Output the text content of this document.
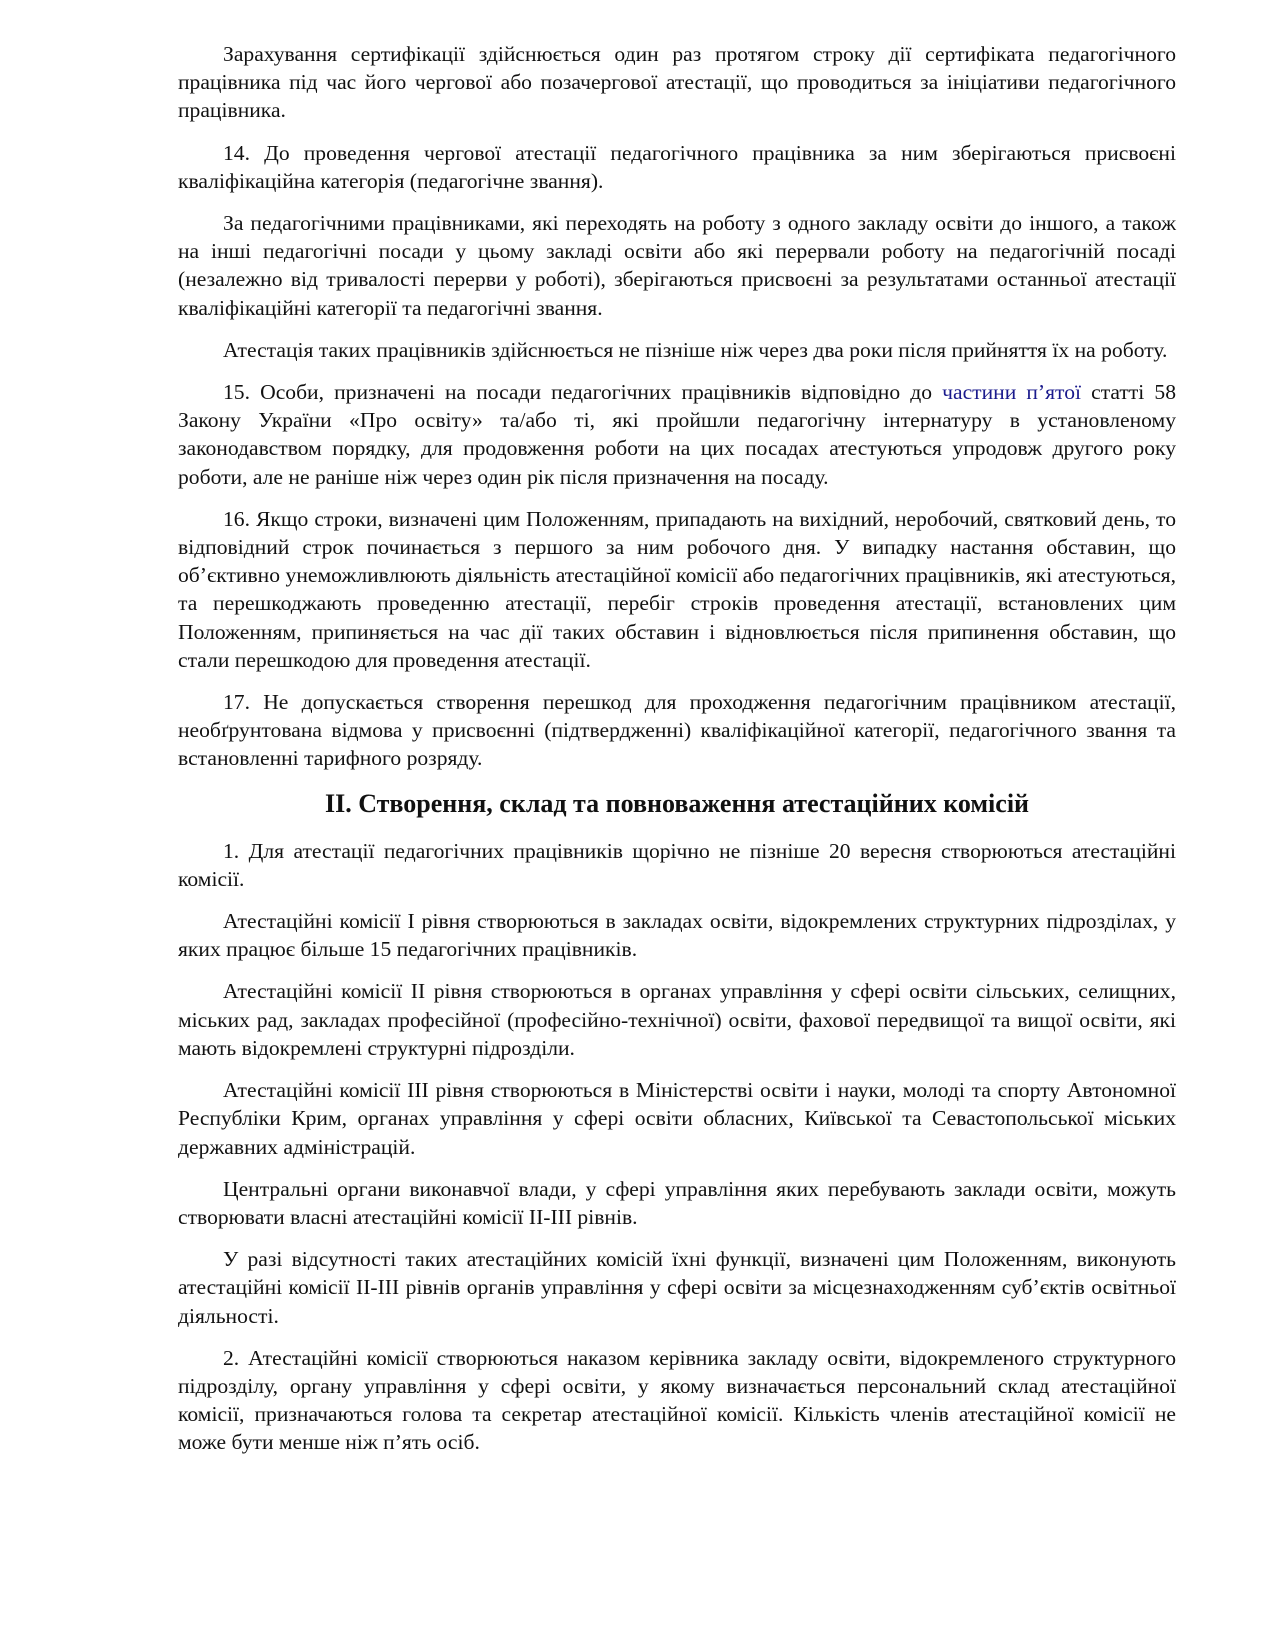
Зарахування сертифікації здійснюється один раз протягом строку дії сертифіката педагогічного працівника під час його чергової або позачергової атестації, що проводиться за ініціативи педагогічного працівника.

14. До проведення чергової атестації педагогічного працівника за ним зберігаються присвоєні кваліфікаційна категорія (педагогічне звання).

За педагогічними працівниками, які переходять на роботу з одного закладу освіти до іншого, а також на інші педагогічні посади у цьому закладі освіти або які перервали роботу на педагогічній посаді (незалежно від тривалості перерви у роботі), зберігаються присвоєні за результатами останньої атестації кваліфікаційні категорії та педагогічні звання.

Атестація таких працівників здійснюється не пізніше ніж через два роки після прийняття їх на роботу.

15. Особи, призначені на посади педагогічних працівників відповідно до частини п’ятої статті 58 Закону України «Про освіту» та/або ті, які пройшли педагогічну інтернатуру в установленому законодавством порядку, для продовження роботи на цих посадах атестуються упродовж другого року роботи, але не раніше ніж через один рік після призначення на посаду.

16. Якщо строки, визначені цим Положенням, припадають на вихідний, неробочий, святковий день, то відповідний строк починається з першого за ним робочого дня. У випадку настання обставин, що об’єктивно унеможливлюють діяльність атестаційної комісії або педагогічних працівників, які атестуються, та перешкоджають проведенню атестації, перебіг строків проведення атестації, встановлених цим Положенням, припиняється на час дії таких обставин і відновлюється після припинення обставин, що стали перешкодою для проведення атестації.

17. Не допускається створення перешкод для проходження педагогічним працівником атестації, необґрунтована відмова у присвоєнні (підтвердженні) кваліфікаційної категорії, педагогічного звання та встановленні тарифного розряду.

II. Створення, склад та повноваження атестаційних комісій

1. Для атестації педагогічних працівників щорічно не пізніше 20 вересня створюються атестаційні комісії.

Атестаційні комісії I рівня створюються в закладах освіти, відокремлених структурних підрозділах, у яких працює більше 15 педагогічних працівників.

Атестаційні комісії II рівня створюються в органах управління у сфері освіти сільських, селищних, міських рад, закладах професійної (професійно-технічної) освіти, фахової передвищої та вищої освіти, які мають відокремлені структурні підрозділи.

Атестаційні комісії III рівня створюються в Міністерстві освіти і науки, молоді та спорту Автономної Республіки Крим, органах управління у сфері освіти обласних, Київської та Севастопольської міських державних адміністрацій.

Центральні органи виконавчої влади, у сфері управління яких перебувають заклади освіти, можуть створювати власні атестаційні комісії II-III рівнів.

У разі відсутності таких атестаційних комісій їхні функції, визначені цим Положенням, виконують атестаційні комісії II-III рівнів органів управління у сфері освіти за місцезнаходженням суб’єктів освітньої діяльності.

2. Атестаційні комісії створюються наказом керівника закладу освіти, відокремленого структурного підрозділу, органу управління у сфері освіти, у якому визначається персональний склад атестаційної комісії, призначаються голова та секретар атестаційної комісії. Кількість членів атестаційної комісії не може бути менше ніж п’ять осіб.
